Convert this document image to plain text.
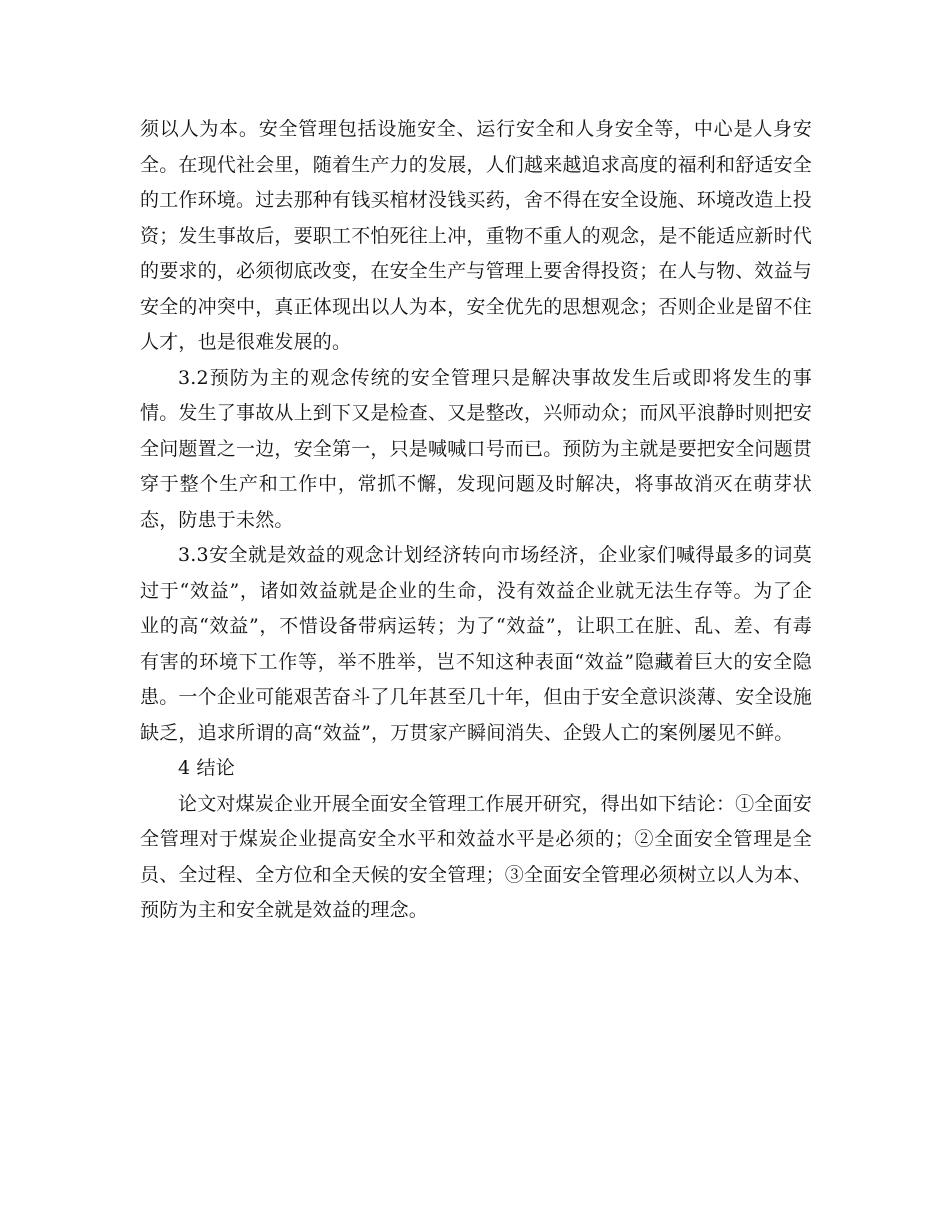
须以人为本。安全管理包括设施安全、运行安全和人身安全等，中心是人身安全。在现代社会里，随着生产力的发展，人们越来越追求高度的福利和舒适安全的工作环境。过去那种有钱买棺材没钱买药，舍不得在安全设施、环境改造上投资；发生事故后，要职工不怕死往上冲，重物不重人的观念，是不能适应新时代的要求的，必须彻底改变，在安全生产与管理上要舍得投资；在人与物、效益与安全的冲突中，真正体现出以人为本，安全优先的思想观念；否则企业是留不住人才，也是很难发展的。

3.2预防为主的观念传统的安全管理只是解决事故发生后或即将发生的事情。发生了事故从上到下又是检查、又是整改，兴师动众；而风平浪静时则把安全问题置之一边，安全第一，只是喊喊口号而已。预防为主就是要把安全问题贯穿于整个生产和工作中，常抓不懈，发现问题及时解决，将事故消灭在萌芽状态，防患于未然。

3.3安全就是效益的观念计划经济转向市场经济，企业家们喊得最多的词莫过于“效益”，诸如效益就是企业的生命，没有效益企业就无法生存等。为了企业的高“效益”，不惜设备带病运转；为了“效益”，让职工在脏、乱、差、有毒有害的环境下工作等，举不胜举，岂不知这种表面“效益”隐藏着巨大的安全隐患。一个企业可能艰苦奋斗了几年甚至几十年，但由于安全意识淡薄、安全设施缺乏，追求所谓的高“效益”，万贯家产瞬间消失、企毁人亡的案例屡见不鲜。

4 结论

论文对煤炭企业开展全面安全管理工作展开研究，得出如下结论：①全面安全管理对于煤炭企业提高安全水平和效益水平是必须的；②全面安全管理是全员、全过程、全方位和全天候的安全管理；③全面安全管理必须树立以人为本、预防为主和安全就是效益的理念。
